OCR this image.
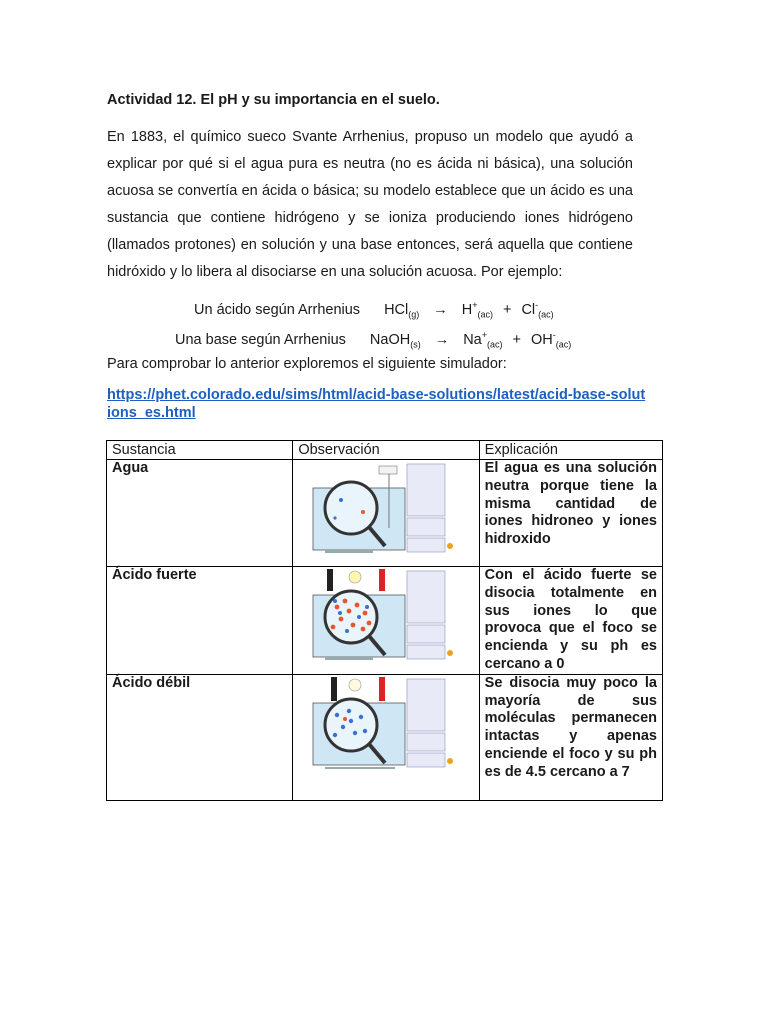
Actividad 12. El pH y su importancia en el suelo.

En 1883, el químico sueco Svante Arrhenius, propuso un modelo que ayudó a explicar por qué si el agua pura es neutra (no es ácida ni básica), una solución acuosa se convertía en ácida o básica; su modelo establece que un ácido es una sustancia que contiene hidrógeno y se ioniza produciendo iones hidrógeno (llamados protones) en solución y una base entonces, será aquella que contiene hidróxido y lo libera al disociarse en una solución acuosa. Por ejemplo:

Un ácido según Arrhenius $HCl_{(g)} \to H^+_{(ac)} + Cl^-_{(ac)}$
Una base según Arrhenius NaOH$_{(s)}$ → $Na^+_{(ac)} + OH^-_{(ac)}$
Para comprobar lo anterior exploremos el siguiente simulador:
https://phet.colorado.edu/sims/html/acid-base-solutions/latest/acid-base-solutions_es.html
Sustancia	Observación	Explicación
Agua		El agua es una solución neutra porque tiene la misma cantidad de iones hidroneo y iones hidroxido
Ácido fuerte		Con el ácido fuerte se disocia totalmente en sus iones lo que provoca que el foco se encienda y su ph es cercano a 0
Ácido débil		Se disocia muy poco la mayoría de sus moléculas permanecen intactas y apenas enciende el foco y su ph es de 4.5 cercano a 7
